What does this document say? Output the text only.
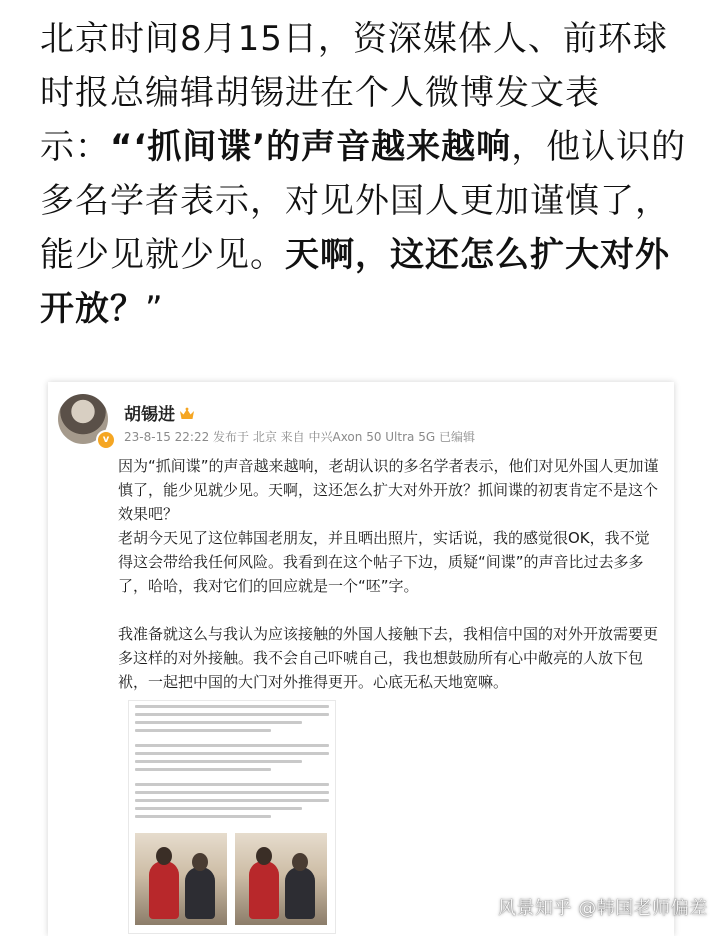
北京时间8月15日，资深媒体人、前环球
时报总编辑胡锡进在个人微博发文表
示：“‘抓间谍’的声音越来越响，他认识的
多名学者表示，对见外国人更加谨慎了，
能少见就少见。天啊，这还怎么扩大对外
开放？”
v
胡锡进
23-8-15 22:22 发布于 北京 来自 中兴Axon 50 Ultra 5G 已编辑

因为“抓间谍”的声音越来越响，老胡认识的多名学者表示，他们对见外国人更加谨慎了，能少见就少见。天啊，这还怎么扩大对外开放？抓间谍的初衷肯定不是这个效果吧？

老胡今天见了这位韩国老朋友，并且晒出照片，实话说，我的感觉很OK，我不觉得这会带给我任何风险。我看到在这个帖子下边，质疑“间谍”的声音比过去多多了，哈哈，我对它们的回应就是一个“呸”字。

我准备就这么与我认为应该接触的外国人接触下去，我相信中国的对外开放需要更多这样的对外接触。我不会自己吓唬自己，我也想鼓励所有心中敞亮的人放下包袱，一起把中国的大门对外推得更开。心底无私天地宽嘛。

风景知乎 @韩国老师偏差
